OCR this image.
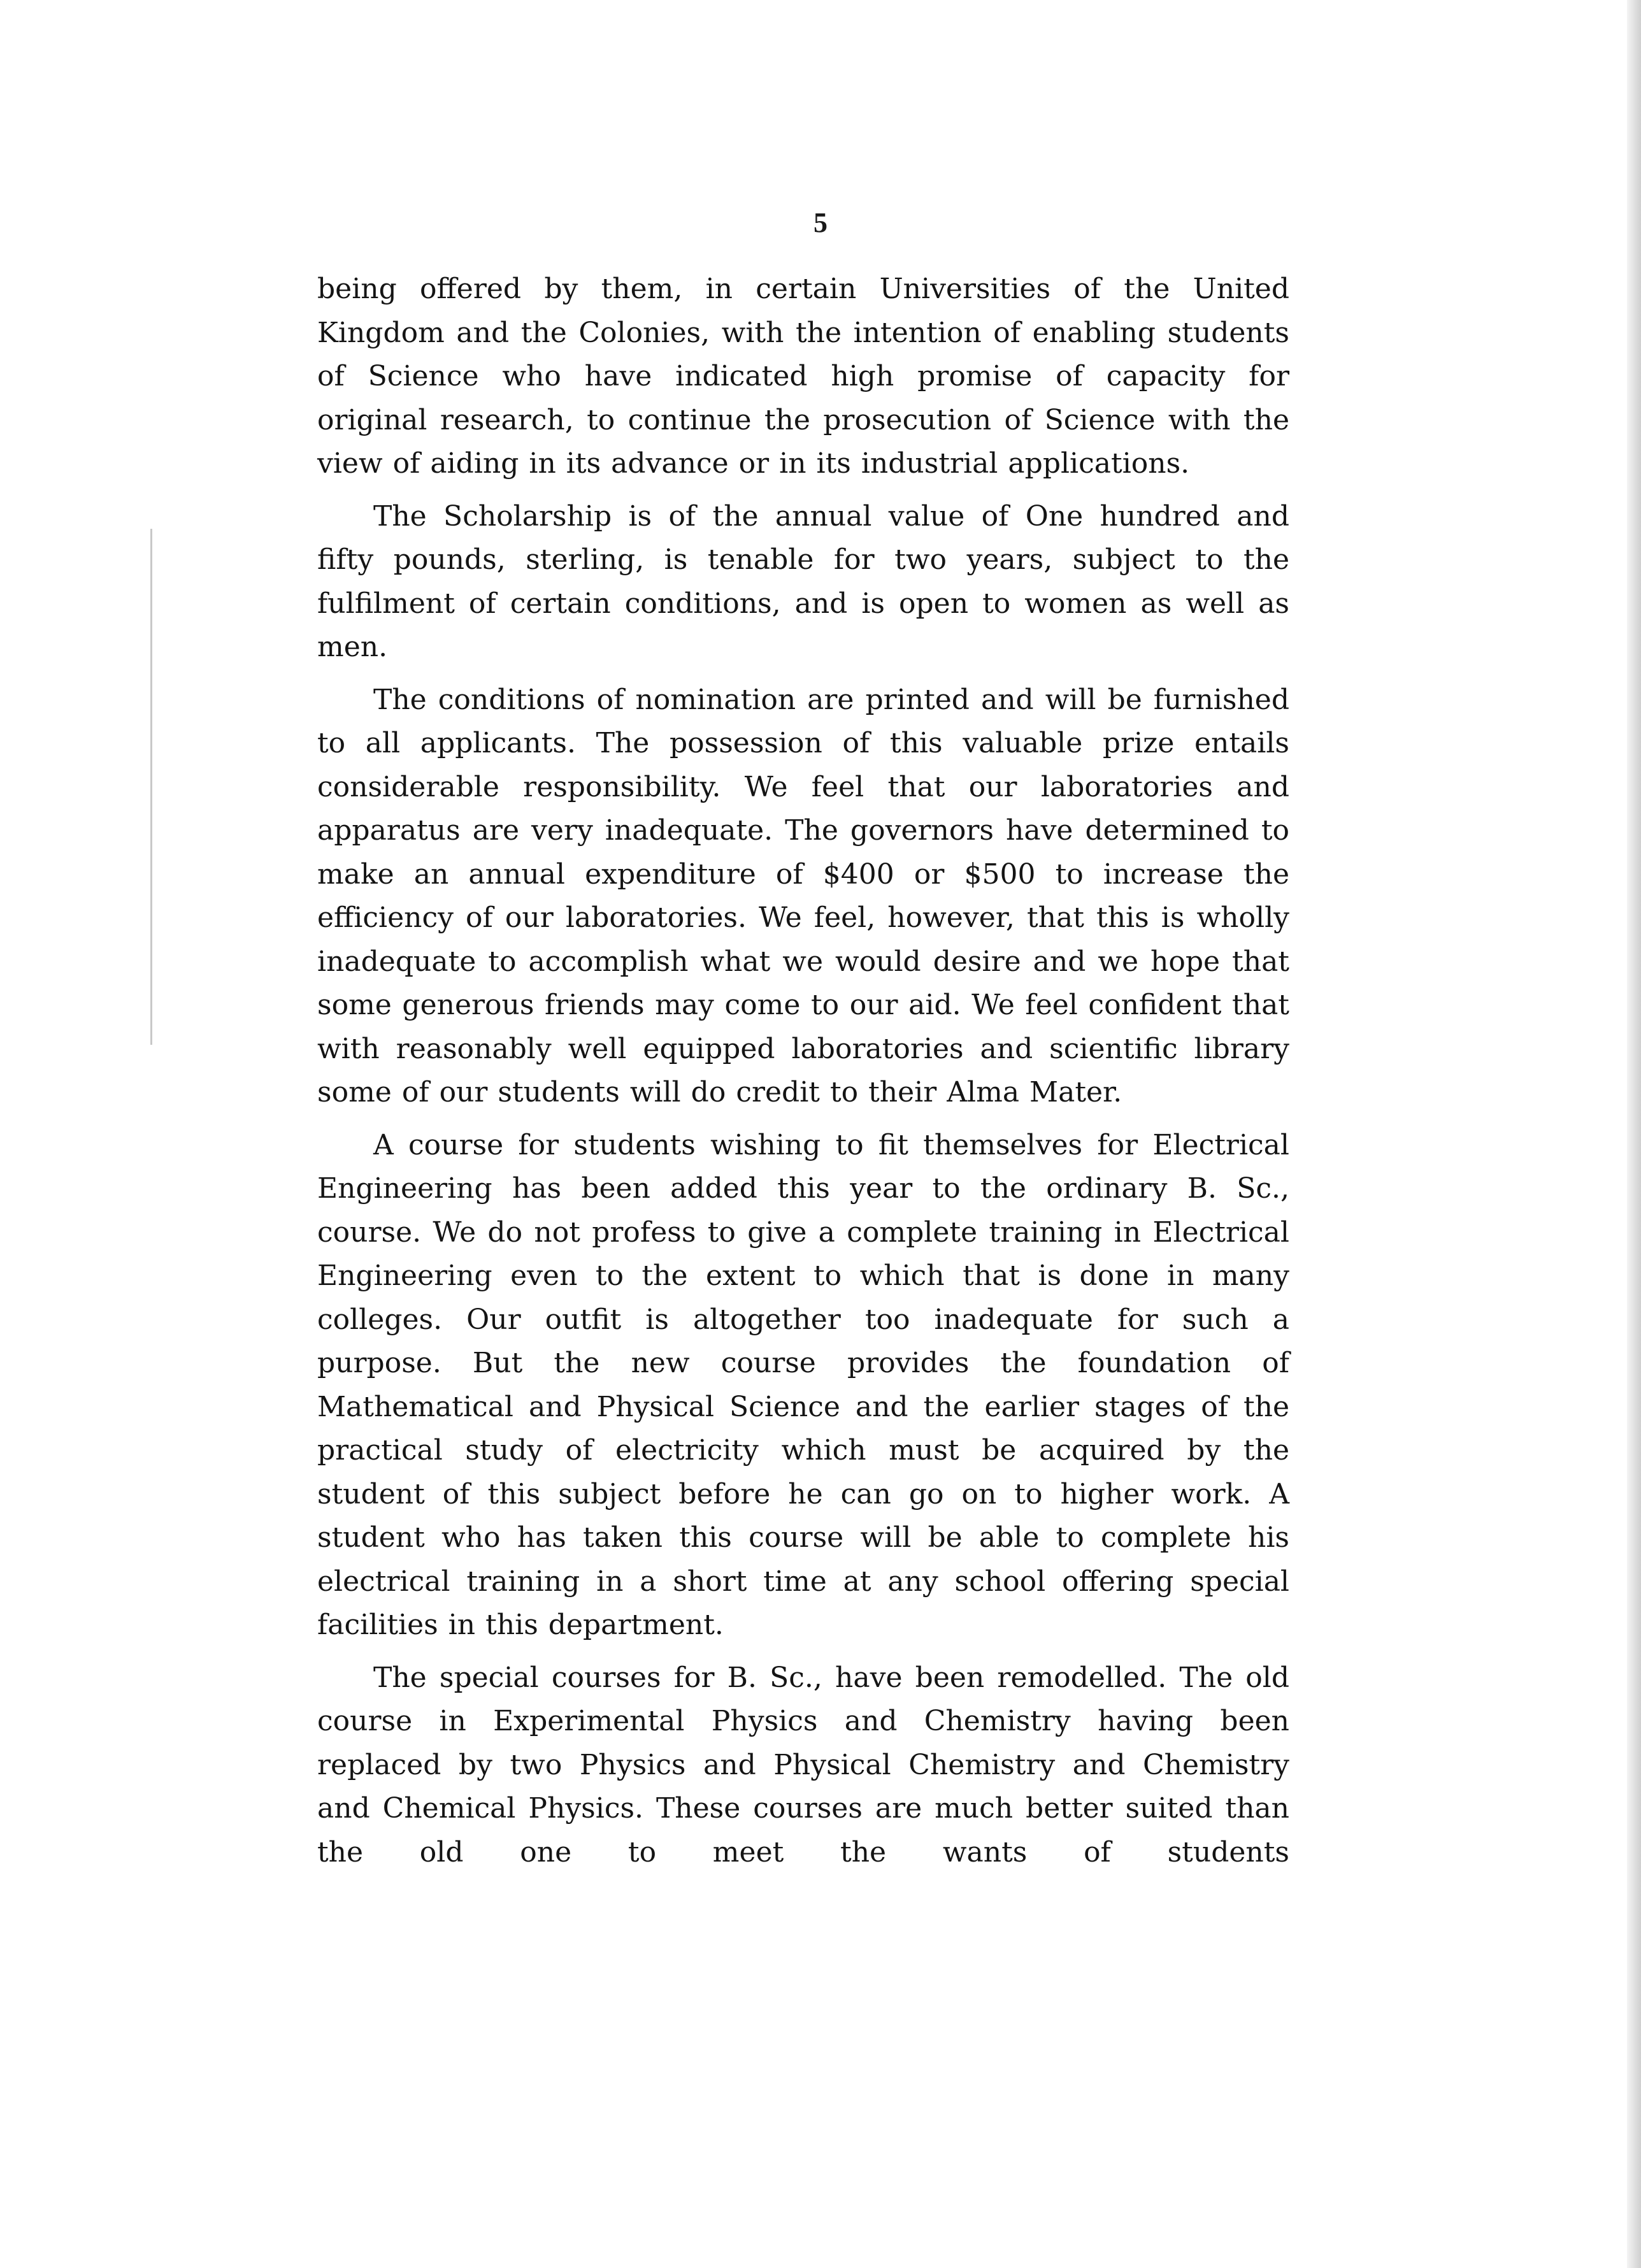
5

being offered by them, in certain Universities of the United Kingdom and the Colonies, with the intention of enabling students of Science who have indicated high promise of capacity for original research, to continue the prosecution of Science with the view of aiding in its advance or in its industrial applications.

The Scholarship is of the annual value of One hundred and fifty pounds, sterling, is tenable for two years, subject to the fulfilment of certain conditions, and is open to women as well as men.

The conditions of nomination are printed and will be furnished to all applicants. The possession of this valuable prize entails considerable responsibility. We feel that our laboratories and apparatus are very inadequate. The governors have determined to make an annual expenditure of $400 or $500 to increase the efficiency of our laboratories. We feel, however, that this is wholly inadequate to accomplish what we would desire and we hope that some generous friends may come to our aid. We feel confident that with reasonably well equipped laboratories and scientific library some of our students will do credit to their Alma Mater.

A course for students wishing to fit themselves for Electrical Engineering has been added this year to the ordinary B. Sc., course. We do not profess to give a complete training in Electrical Engineering even to the extent to which that is done in many colleges. Our outfit is altogether too inadequate for such a purpose. But the new course provides the foundation of Mathematical and Physical Science and the earlier stages of the practical study of electricity which must be acquired by the student of this subject before he can go on to higher work. A student who has taken this course will be able to complete his electrical training in a short time at any school offering special facilities in this department.

The special courses for B. Sc., have been remodelled. The old course in Experimental Physics and Chemistry having been replaced by two Physics and Physical Chemistry and Chemistry and Chemical Physics. These courses are much better suited than the old one to meet the wants of students
